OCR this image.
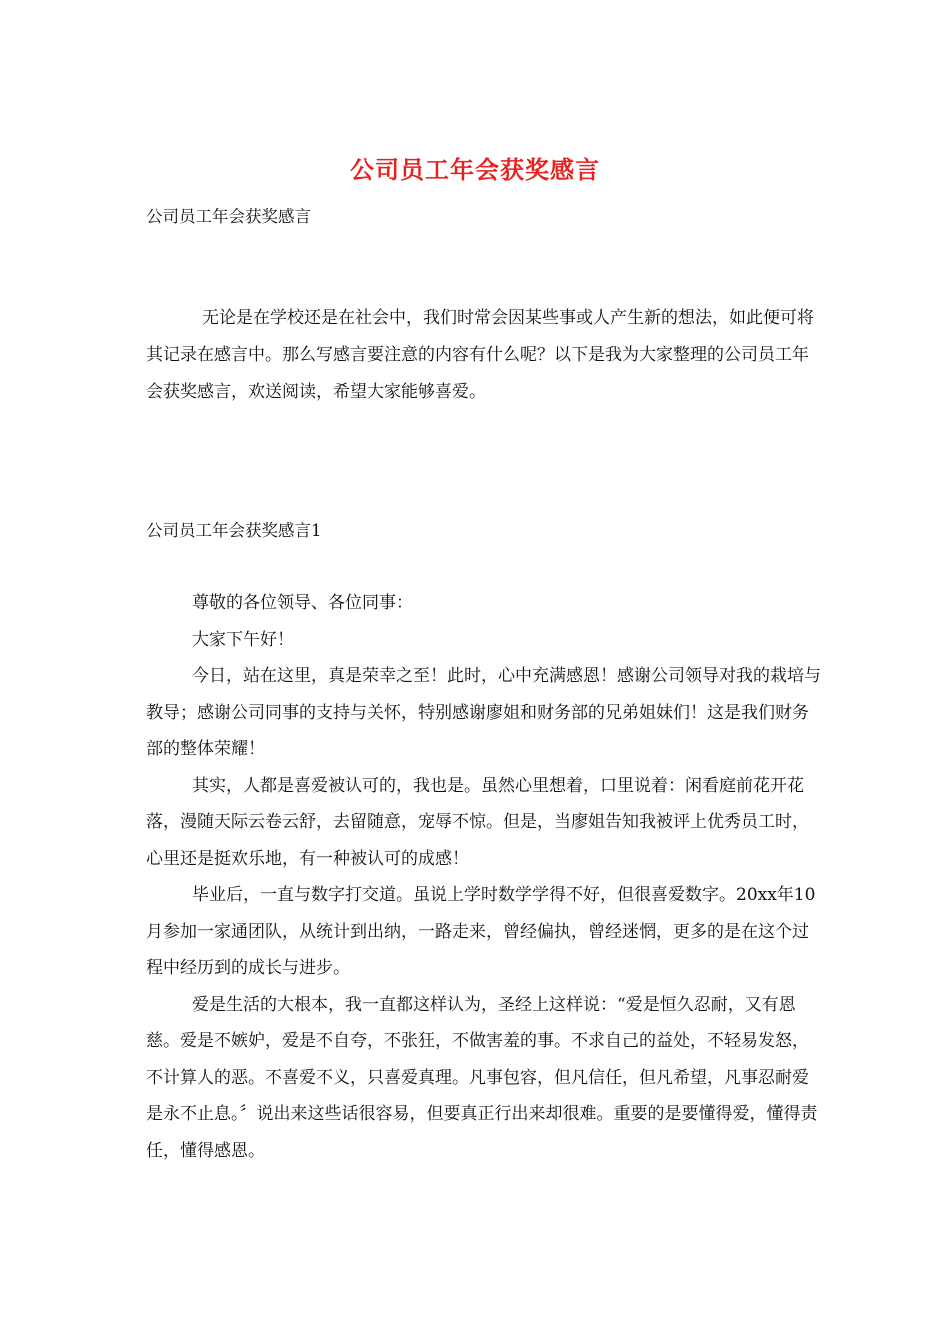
公司员工年会获奖感言
公司员工年会获奖感言

无论是在学校还是在社会中，我们时常会因某些事或人产生新的想法，如此便可将其记录在感言中。那么写感言要注意的内容有什么呢？以下是我为大家整理的公司员工年会获奖感言，欢送阅读，希望大家能够喜爱。

公司员工年会获奖感言1

尊敬的各位领导、各位同事：

大家下午好！

今日，站在这里，真是荣幸之至！此时，心中充满感恩！感谢公司领导对我的栽培与教导；感谢公司同事的支持与关怀，特别感谢廖姐和财务部的兄弟姐妹们！这是我们财务部的整体荣耀！

其实，人都是喜爱被认可的，我也是。虽然心里想着，口里说着：闲看庭前花开花落，漫随天际云卷云舒，去留随意，宠辱不惊。但是，当廖姐告知我被评上优秀员工时，心里还是挺欢乐地，有一种被认可的成感！

毕业后，一直与数字打交道。虽说上学时数学学得不好，但很喜爱数字。20xx年10月参加一家通团队，从统计到出纳，一路走来，曾经偏执，曾经迷惘，更多的是在这个过程中经历到的成长与进步。

爱是生活的大根本，我一直都这样认为，圣经上这样说：“爱是恒久忍耐，又有恩慈。爱是不嫉妒，爱是不自夸，不张狂，不做害羞的事。不求自己的益处，不轻易发怒，不计算人的恶。不喜爱不义，只喜爱真理。凡事包容，但凡信任，但凡希望，凡事忍耐爱是永不止息。〞说出来这些话很容易，但要真正行出来却很难。重要的是要懂得爱，懂得责任，懂得感恩。
